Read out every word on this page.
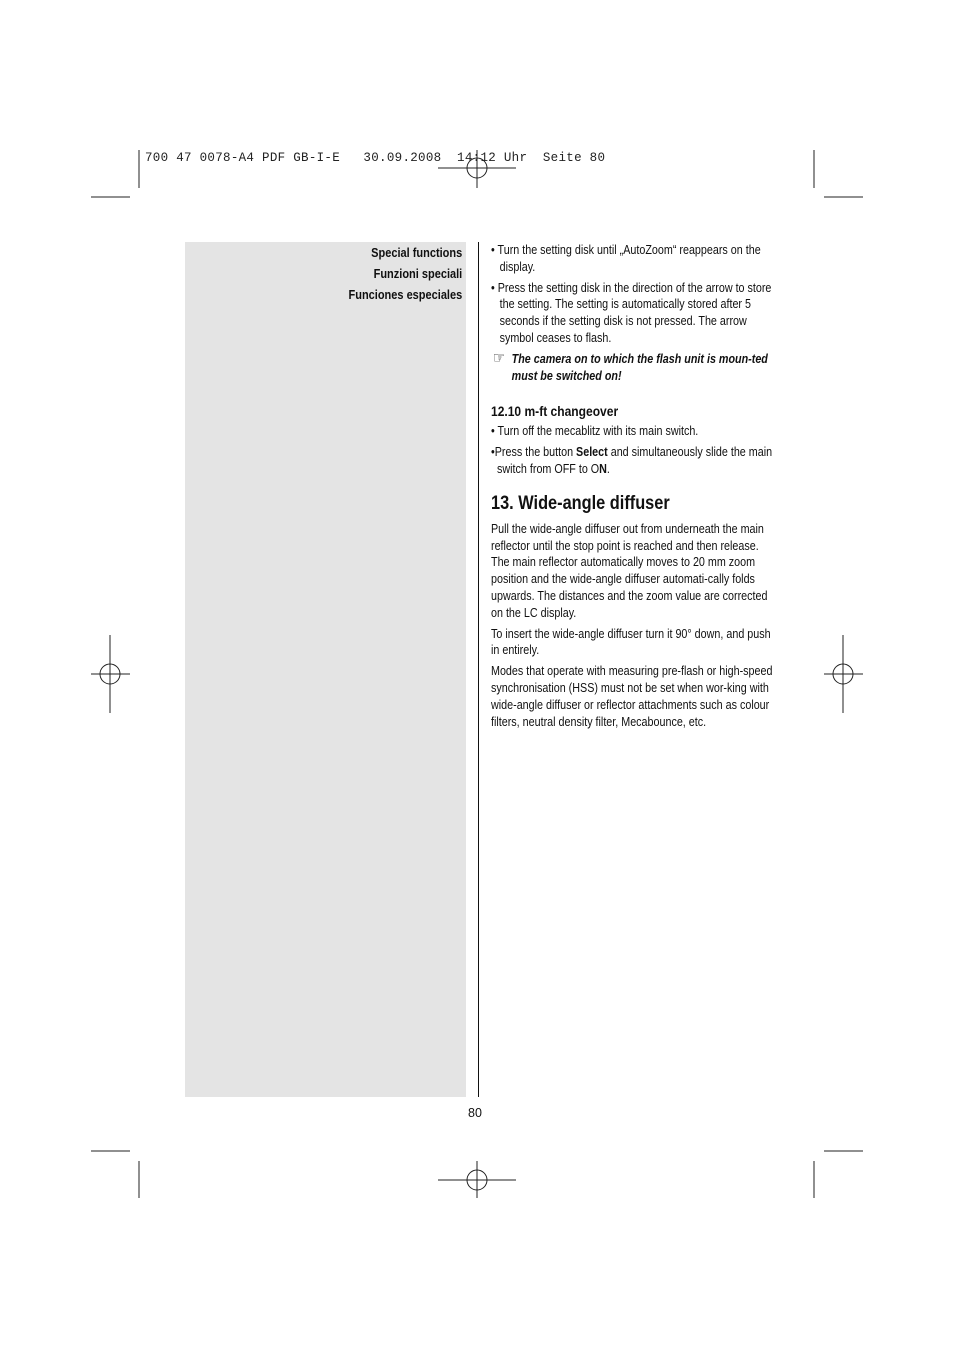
700 47 0078-A4 PDF GB-I-E   30.09.2008  14:12 Uhr  Seite 80
Special functions
Funzioni speciali
Funciones especiales
• Turn the setting disk until „AutoZoom“ reappears on the display.
• Press the setting disk in the direction of the arrow to store the setting. The setting is automatically stored after 5 seconds if the setting disk is not pressed. The arrow symbol ceases to flash.
☞ The camera on to which the flash unit is moun-ted must be switched on!
12.10 m-ft changeover
• Turn off the mecablitz with its main switch.
•Press the button Select and simultaneously slide the main switch from OFF to ON.
13. Wide-angle diffuser

Pull the wide-angle diffuser out from underneath the main reflector until the stop point is reached and then release. The main reflector automatically moves to 20 mm zoom position and the wide-angle diffuser automati-cally folds upwards. The distances and the zoom value are corrected on the LC display.

To insert the wide-angle diffuser turn it 90° down, and push in entirely.

Modes that operate with measuring pre-flash or high-speed synchronisation (HSS) must not be set when wor-king with wide-angle diffuser or reflector attachments such as colour filters, neutral density filter, Mecabounce, etc.

80
